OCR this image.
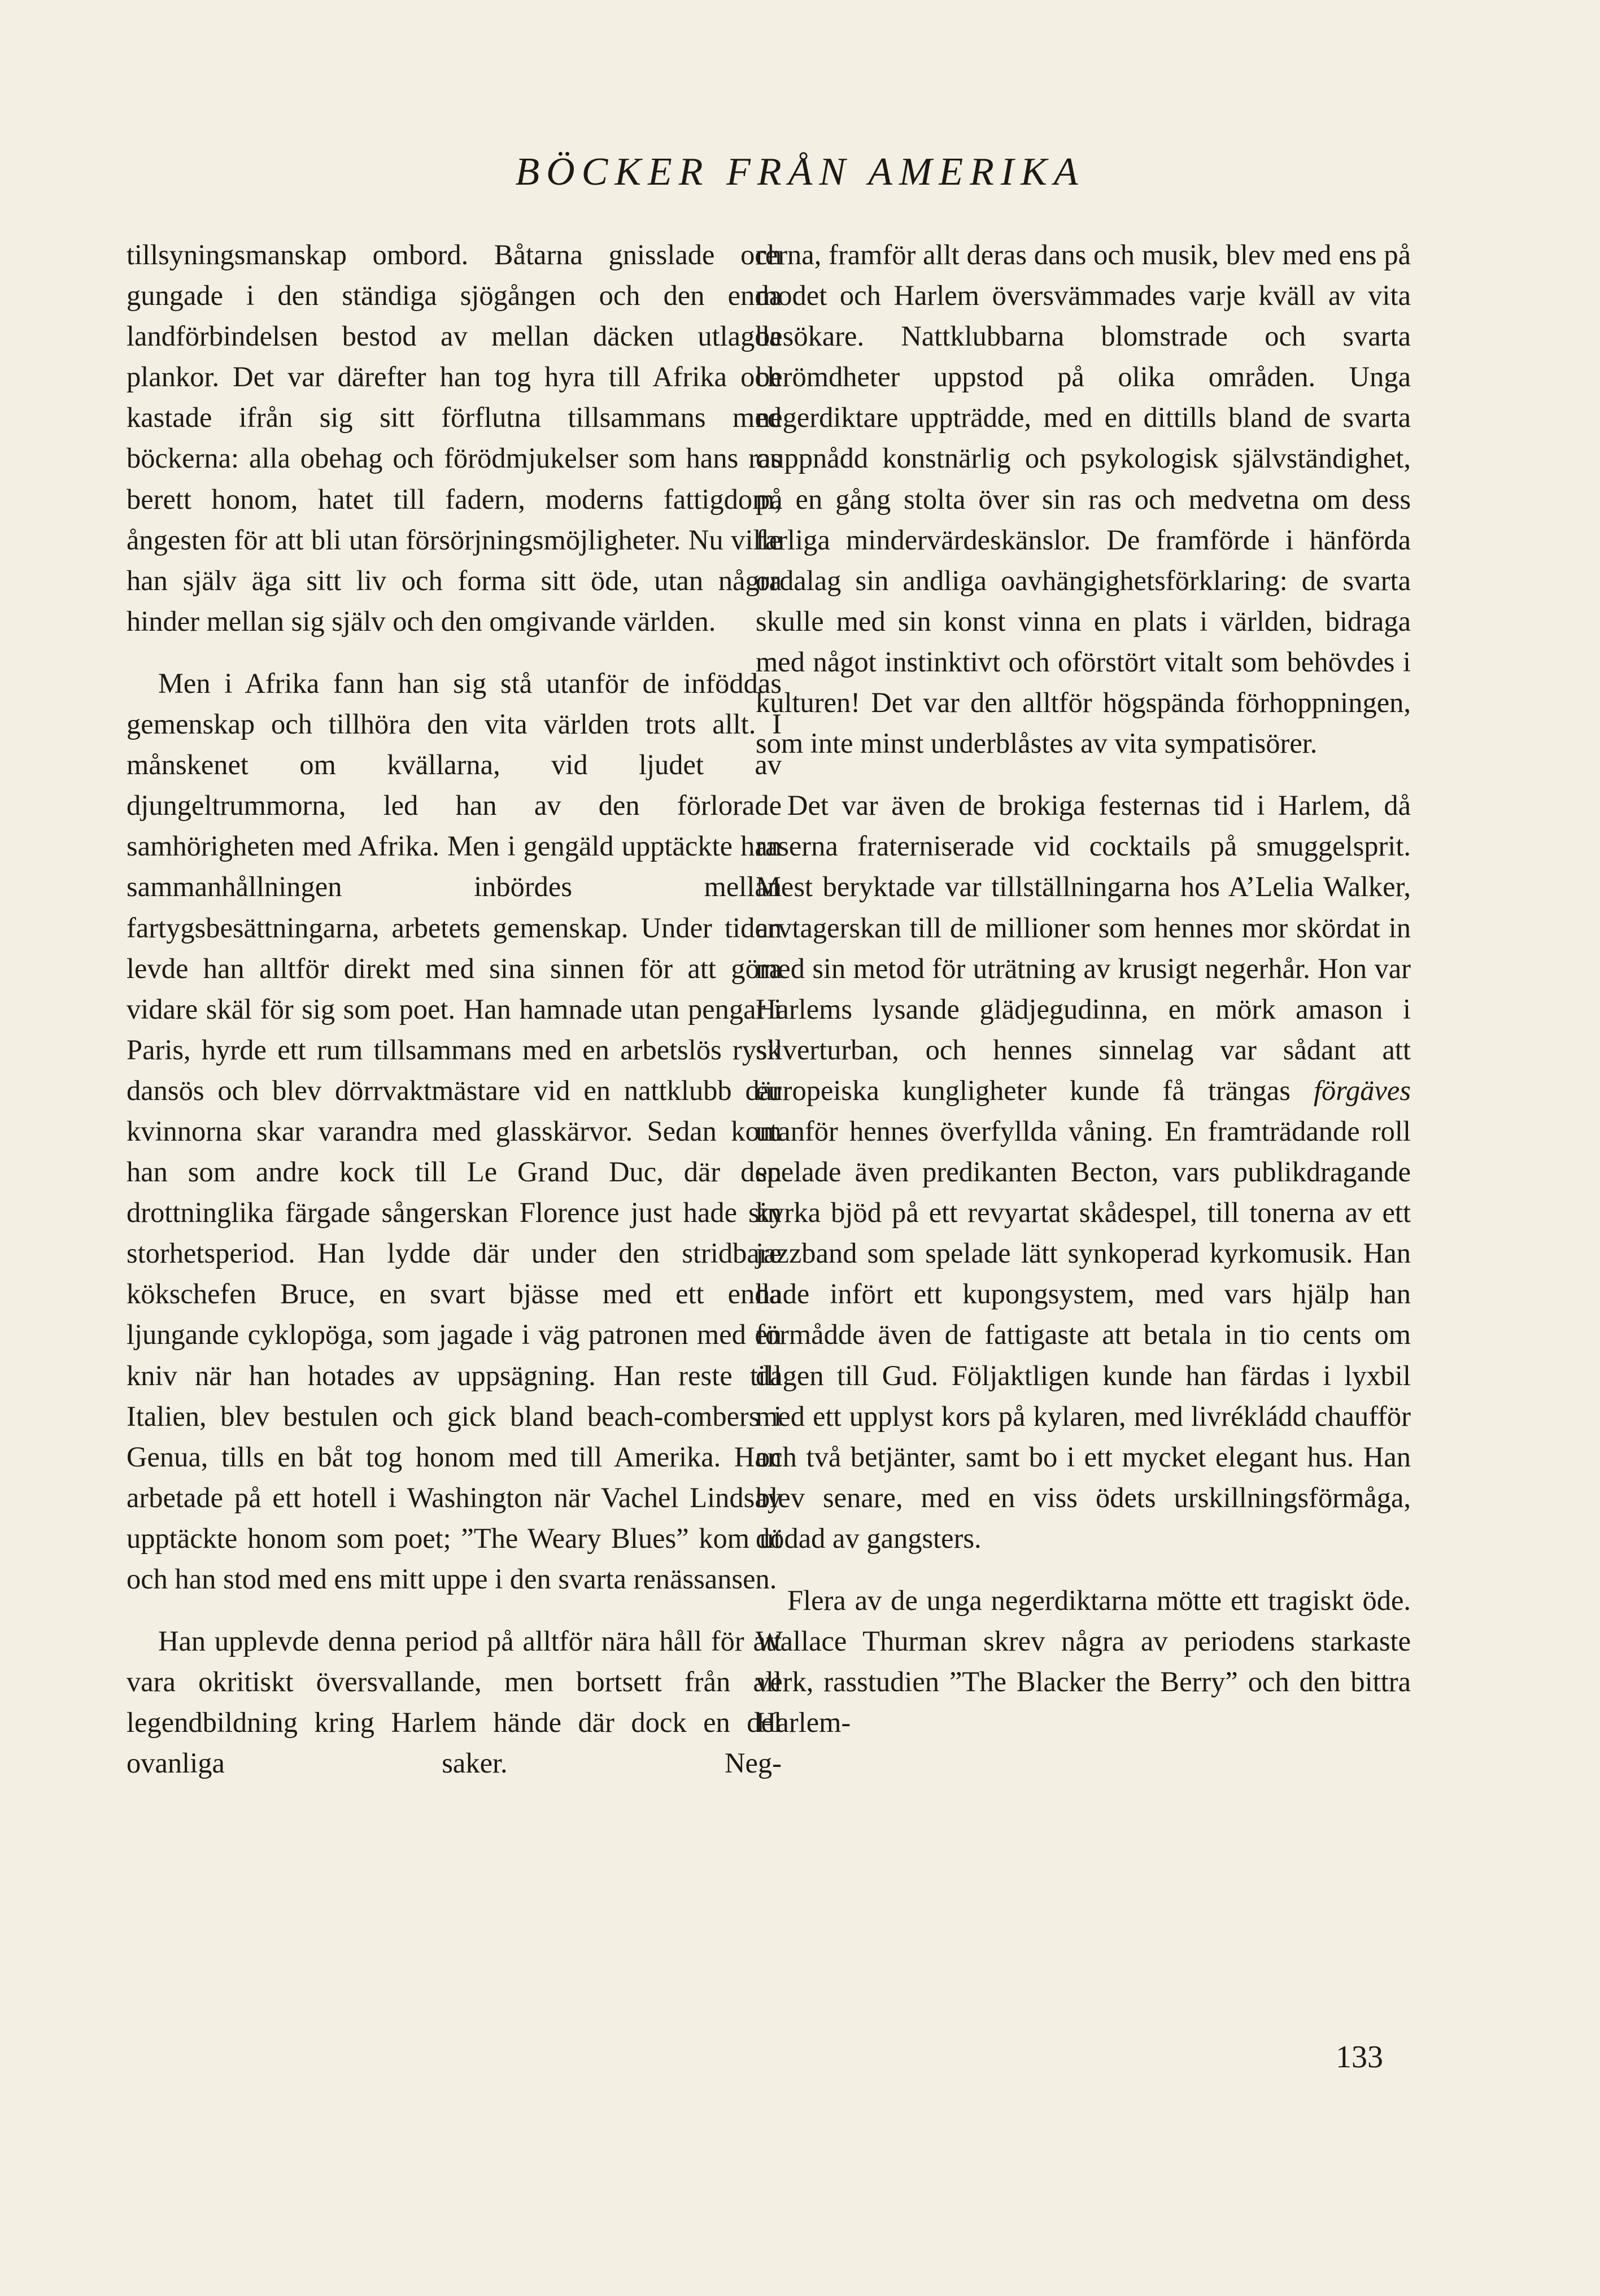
BÖCKER FRÅN AMERIKA

tillsyningsmanskap ombord. Båtarna gnisslade och gungade i den ständiga sjögången och den enda landförbindelsen bestod av mellan däcken utlagda plankor. Det var därefter han tog hyra till Afrika och kastade ifrån sig sitt förflutna tillsammans med böckerna: alla obehag och förödmjukelser som hans ras berett honom, hatet till fadern, moderns fattigdom, ångesten för att bli utan försörjningsmöjligheter. Nu ville han själv äga sitt liv och forma sitt öde, utan några hinder mellan sig själv och den omgivande världen.

Men i Afrika fann han sig stå utanför de inföddas gemenskap och tillhöra den vita världen trots allt. I månskenet om kvällarna, vid ljudet av djungeltrummorna, led han av den förlorade samhörigheten med Afrika. Men i gengäld upptäckte han sammanhållningen inbördes mellan fartygsbesättningarna, arbetets gemenskap. Under tiden levde han alltför direkt med sina sinnen för att göra vidare skäl för sig som poet. Han hamnade utan pengar i Paris, hyrde ett rum tillsammans med en arbetslös rysk dansös och blev dörrvaktmästare vid en nattklubb där kvinnorna skar varandra med glasskärvor. Sedan kom han som andre kock till Le Grand Duc, där den drottninglika färgade sångerskan Florence just hade sin storhetsperiod. Han lydde där under den stridbare kökschefen Bruce, en svart bjässe med ett enda ljungande cyklopöga, som jagade i väg patronen med en kniv när han hotades av uppsägning. Han reste till Italien, blev bestulen och gick bland beach-combers i Genua, tills en båt tog honom med till Amerika. Han arbetade på ett hotell i Washington när Vachel Lindsay upptäckte honom som poet; ”The Weary Blues” kom ut och han stod med ens mitt uppe i den svarta renässansen.

Han upplevde denna period på alltför nära håll för att vara okritiskt översvallande, men bortsett från all legendbildning kring Harlem hände där dock en del ovanliga saker. Neg-

rerna, framför allt deras dans och musik, blev med ens på modet och Harlem översvämmades varje kväll av vita besökare. Nattklubbarna blomstrade och svarta berömdheter uppstod på olika områden. Unga negerdiktare uppträdde, med en dittills bland de svarta ouppnådd konstnärlig och psykologisk självständighet, på en gång stolta över sin ras och medvetna om dess farliga mindervärdeskänslor. De framförde i hänförda ordalag sin andliga oavhängighetsförklaring: de svarta skulle med sin konst vinna en plats i världen, bidraga med något instinktivt och oförstört vitalt som behövdes i kulturen! Det var den alltför högspända förhoppningen, som inte minst underblåstes av vita sympatisörer.

Det var även de brokiga festernas tid i Harlem, då raserna fraterniserade vid cocktails på smuggelsprit. Mest beryktade var tillställningarna hos A’Lelia Walker, arvtagerskan till de millioner som hennes mor skördat in med sin metod för uträtning av krusigt negerhår. Hon var Harlems lysande glädjegudinna, en mörk amason i silverturban, och hennes sinnelag var sådant att europeiska kungligheter kunde få trängas förgäves utanför hennes överfyllda våning. En framträdande roll spelade även predikanten Becton, vars publikdragande kyrka bjöd på ett revyartat skådespel, till tonerna av ett jazzband som spelade lätt synkoperad kyrkomusik. Han hade infört ett kupongsystem, med vars hjälp han förmådde även de fattigaste att betala in tio cents om dagen till Gud. Följaktligen kunde han färdas i lyxbil med ett upplyst kors på kylaren, med livrékládd chaufför och två betjänter, samt bo i ett mycket elegant hus. Han blev senare, med en viss ödets urskillningsförmåga, dödad av gangsters.

Flera av de unga negerdiktarna mötte ett tragiskt öde. Wallace Thurman skrev några av periodens starkaste verk, rasstudien ”The Blacker the Berry” och den bittra Harlem-

133
